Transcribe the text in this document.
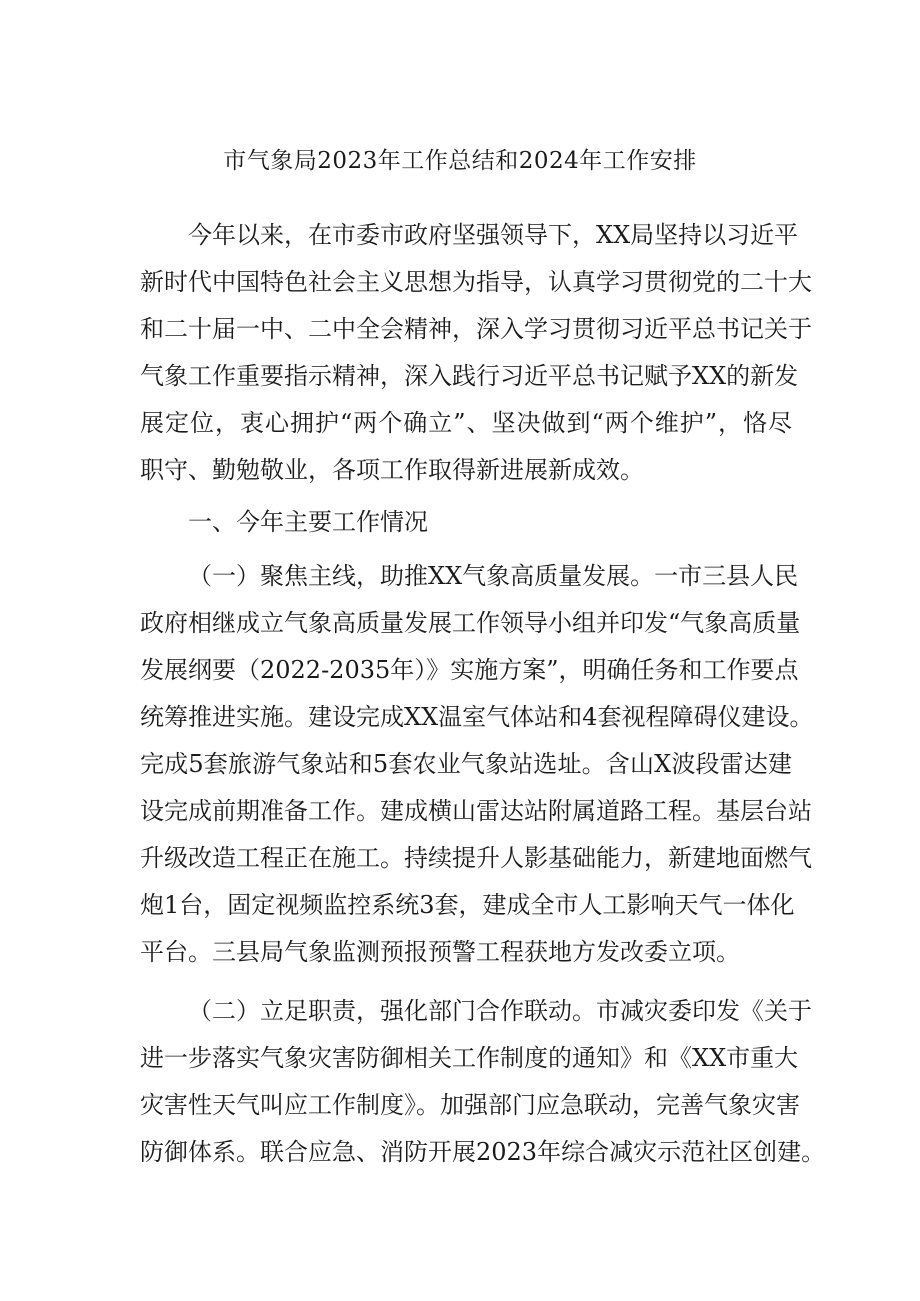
市气象局2023年工作总结和2024年工作安排
今年以来，在市委市政府坚强领导下，XX局坚持以习近平
新时代中国特色社会主义思想为指导，认真学习贯彻党的二十大
和二十届一中、二中全会精神，深入学习贯彻习近平总书记关于
气象工作重要指示精神，深入践行习近平总书记赋予XX的新发
展定位，衷心拥护“两个确立”、坚决做到“两个维护”，恪尽
职守、勤勉敬业，各项工作取得新进展新成效。
一、今年主要工作情况
（一）聚焦主线，助推XX气象高质量发展。一市三县人民
政府相继成立气象高质量发展工作领导小组并印发“气象高质量
发展纲要（2022-2035年）》实施方案”，明确任务和工作要点
统筹推进实施。建设完成XX温室气体站和4套视程障碍仪建设。
完成5套旅游气象站和5套农业气象站选址。含山X波段雷达建
设完成前期准备工作。建成横山雷达站附属道路工程。基层台站
升级改造工程正在施工。持续提升人影基础能力，新建地面燃气
炮1台，固定视频监控系统3套，建成全市人工影响天气一体化
平台。三县局气象监测预报预警工程获地方发改委立项。
（二）立足职责，强化部门合作联动。市减灾委印发《关于
进一步落实气象灾害防御相关工作制度的通知》和《XX市重大
灾害性天气叫应工作制度》。加强部门应急联动，完善气象灾害
防御体系。联合应急、消防开展2023年综合减灾示范社区创建。
